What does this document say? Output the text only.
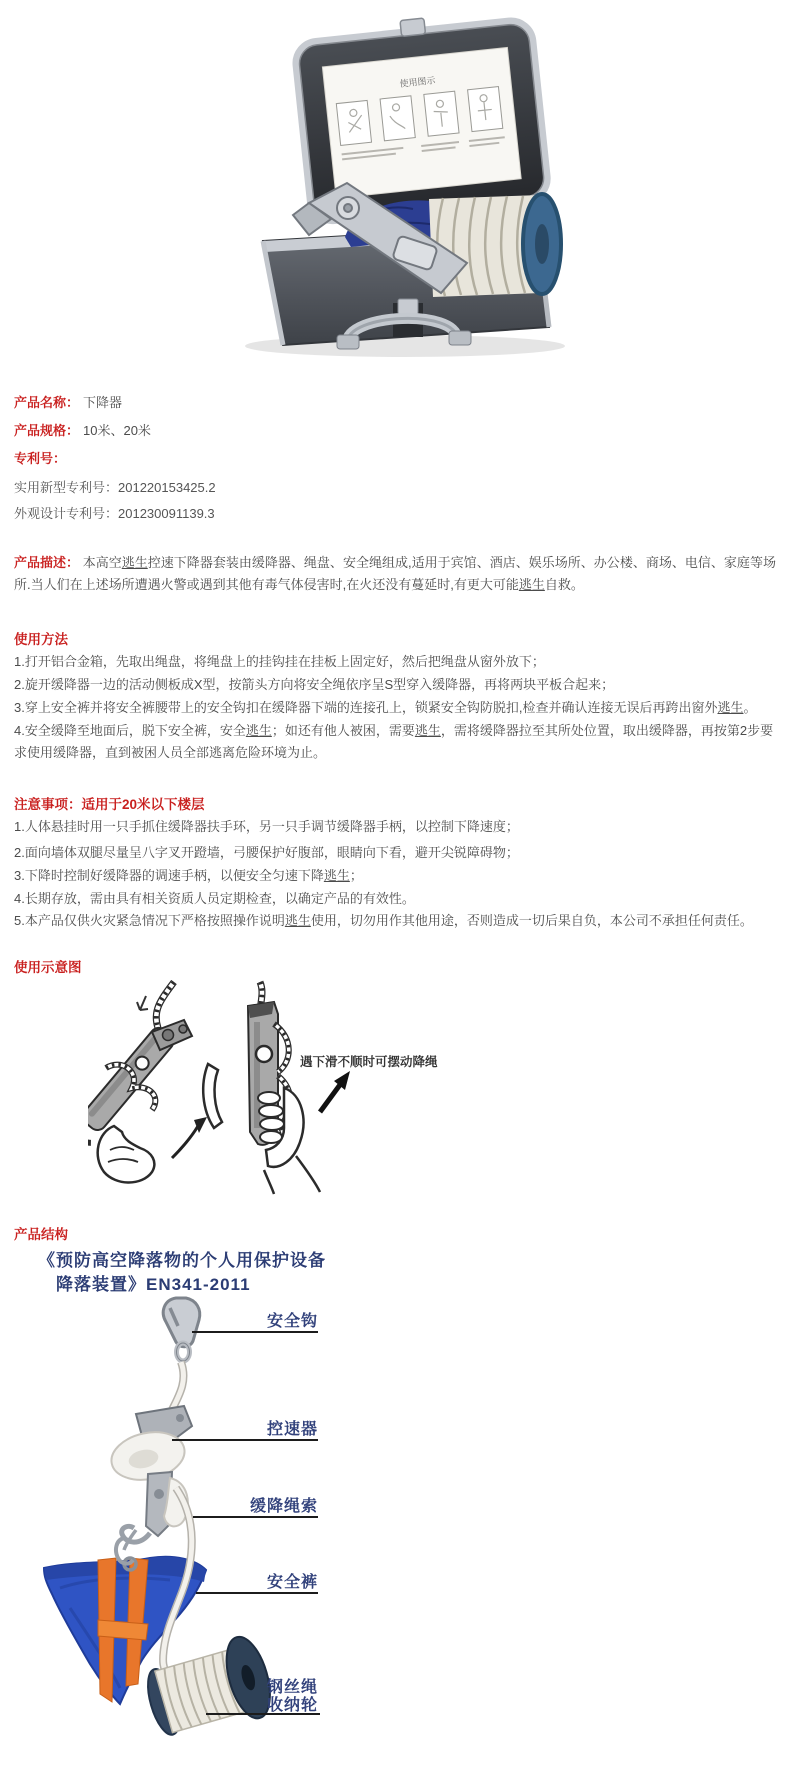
使用图示
产品名称： 下降器
产品规格： 10米、20米
专利号：
实用新型专利号：201220153425.2
外观设计专利号：201230091139.3
产品描述： 本高空逃生控速下降器套装由缓降器、绳盘、安全绳组成,适用于宾馆、酒店、娱乐场所、办公楼、商场、电信、家庭等场所.当人们在上述场所遭遇火警或遇到其他有毒气体侵害时,在火还没有蔓延时,有更大可能逃生自救。
使用方法
1.打开铝合金箱，先取出绳盘，将绳盘上的挂钩挂在挂板上固定好，然后把绳盘从窗外放下；
2.旋开缓降器一边的活动侧板成X型，按箭头方向将安全绳依序呈S型穿入缓降器，再将两块平板合起来；
3.穿上安全裤并将安全裤腰带上的安全钩扣在缓降器下端的连接孔上，锁紧安全钩防脱扣,检查并确认连接无误后再跨出窗外逃生。
4.安全缓降至地面后，脱下安全裤，安全逃生；如还有他人被困，需要逃生，需将缓降器拉至其所处位置，取出缓降器，再按第2步要求使用缓降器，直到被困人员全部逃离危险环境为止。
注意事项：适用于20米以下楼层
1.人体悬挂时用一只手抓住缓降器扶手环，另一只手调节缓降器手柄，以控制下降速度；
2.面向墙体双腿尽量呈八字叉开蹬墙，弓腰保护好腹部，眼睛向下看，避开尖锐障碍物；
3.下降时控制好缓降器的调速手柄，以便安全匀速下降逃生；
4.长期存放，需由具有相关资质人员定期检查，以确定产品的有效性。
5.本产品仅供火灾紧急情况下严格按照操作说明逃生使用，切勿用作其他用途，否则造成一切后果自负，本公司不承担任何责任。
使用示意图
遇下滑不顺时可摆动降绳
产品结构
《预防高空降落物的个人用保护设备
降落装置》EN341-2011
安全钩
控速器
缓降绳索
安全裤
钢丝绳
收纳轮
